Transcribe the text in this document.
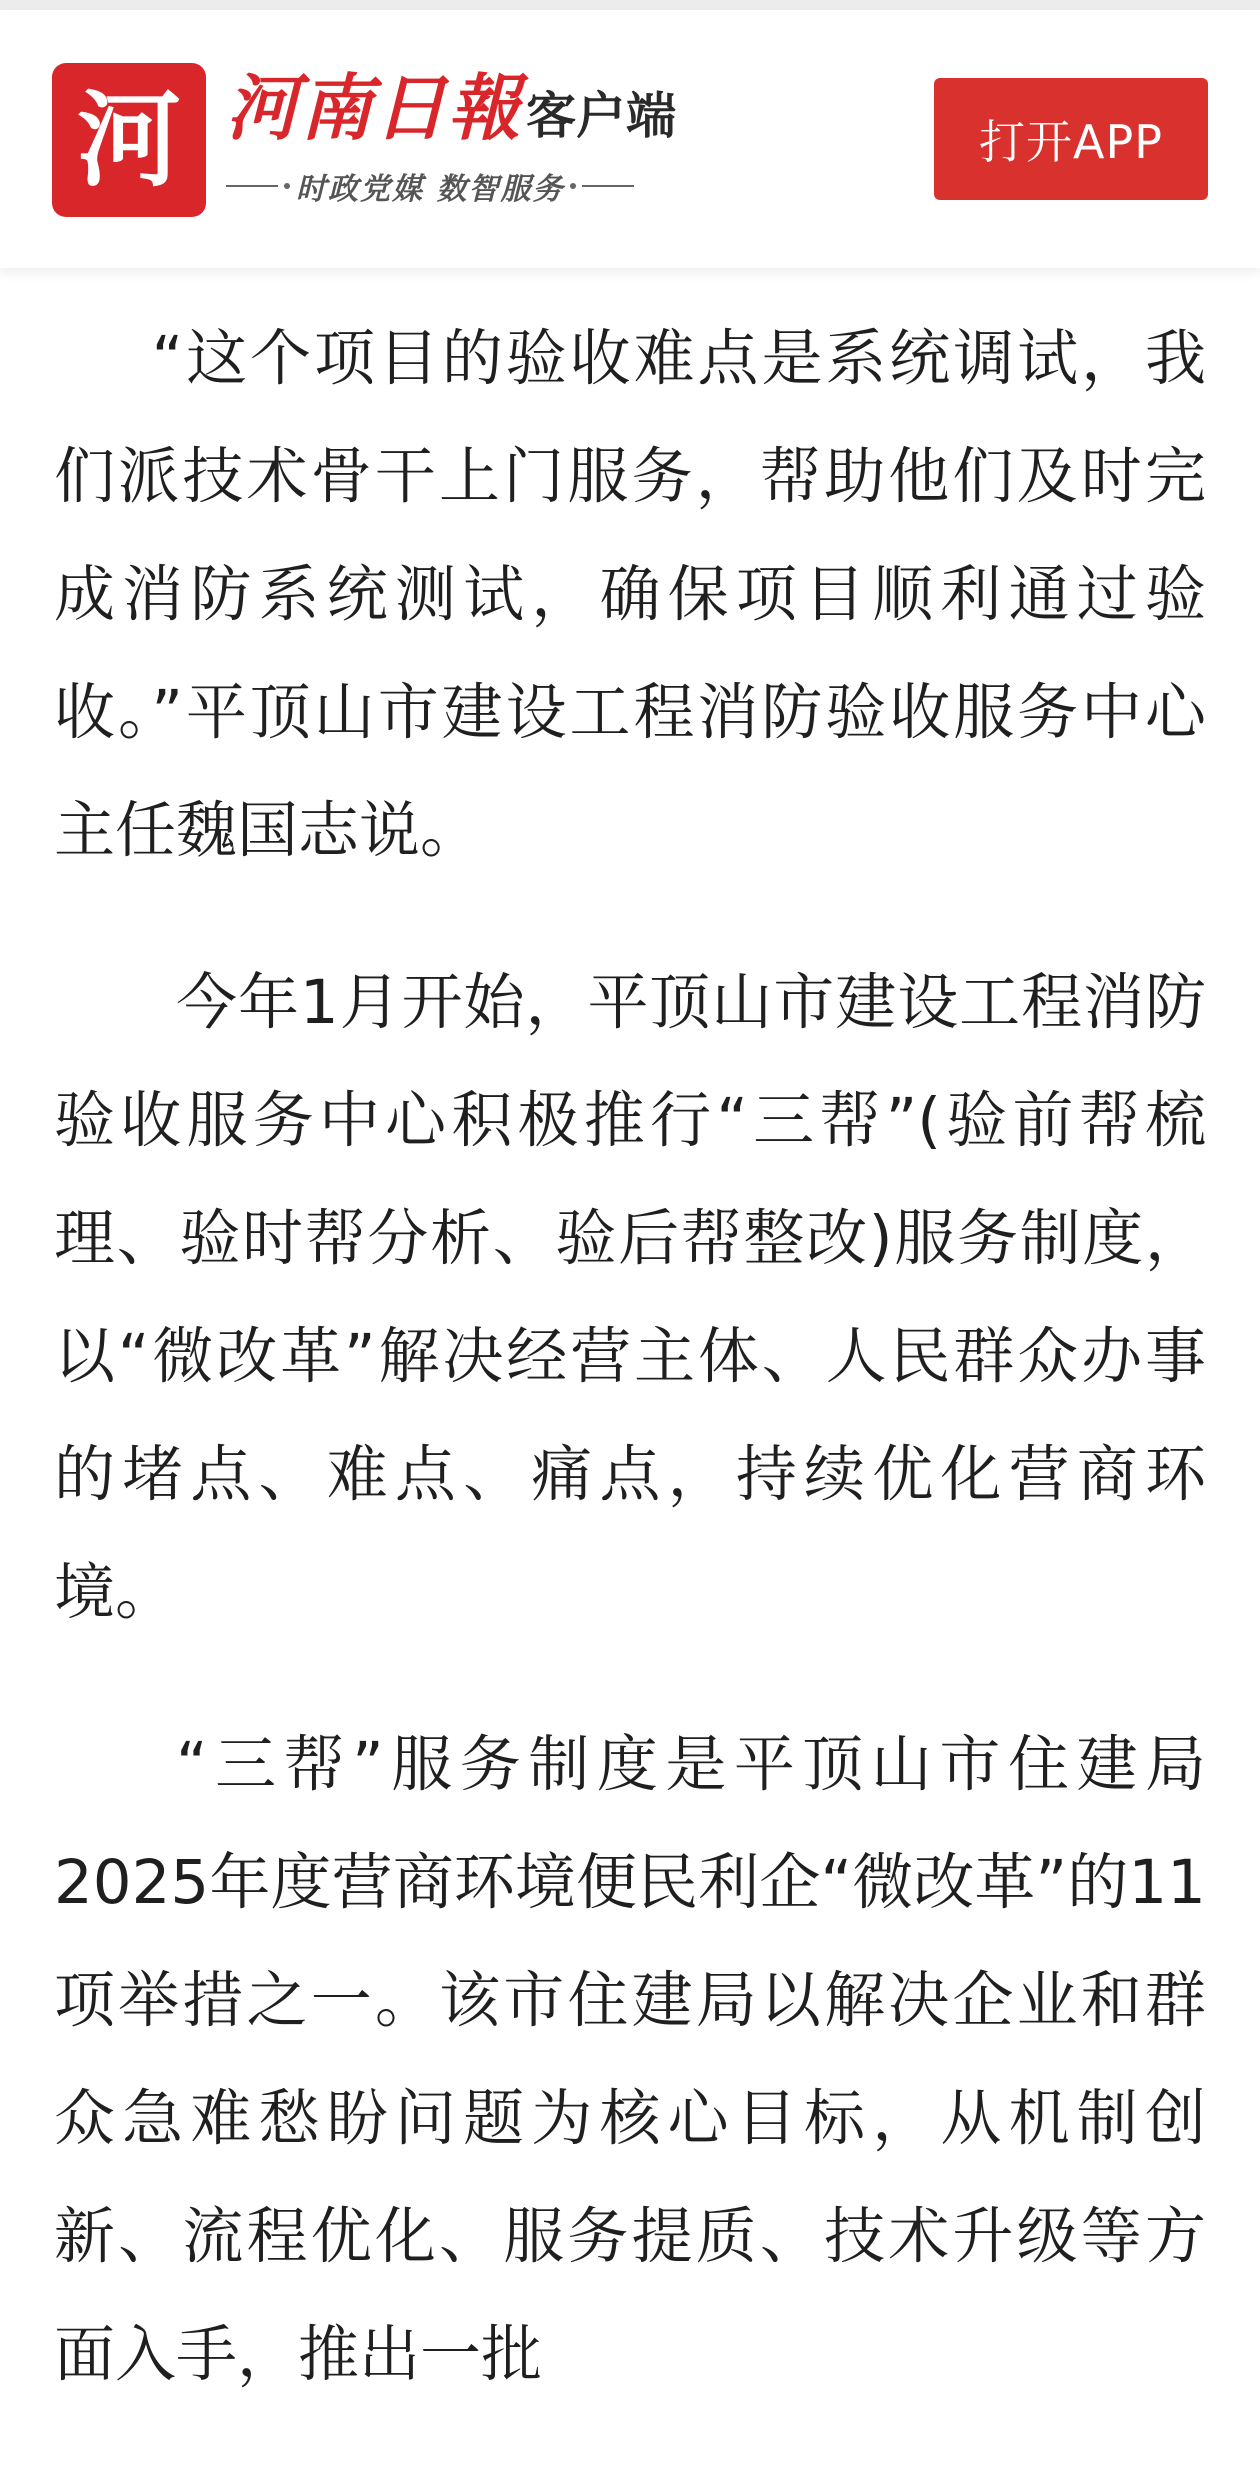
河 河南日報 客户端
时政党媒 数智服务
打开APP

“这个项目的验收难点是系统调试，我们派技术骨干上门服务，帮助他们及时完成消防系统测试，确保项目顺利通过验收。”平顶山市建设工程消防验收服务中心主任魏国志说。

今年1月开始，平顶山市建设工程消防验收服务中心积极推行“三帮”(验前帮梳理、验时帮分析、验后帮整改)服务制度，以“微改革”解决经营主体、人民群众办事的堵点、难点、痛点，持续优化营商环境。

“三帮”服务制度是平顶山市住建局2025年度营商环境便民利企“微改革”的11项举措之一。该市住建局以解决企业和群众急难愁盼问题为核心目标，从机制创新、流程优化、服务提质、技术升级等方面入手，推出一批
